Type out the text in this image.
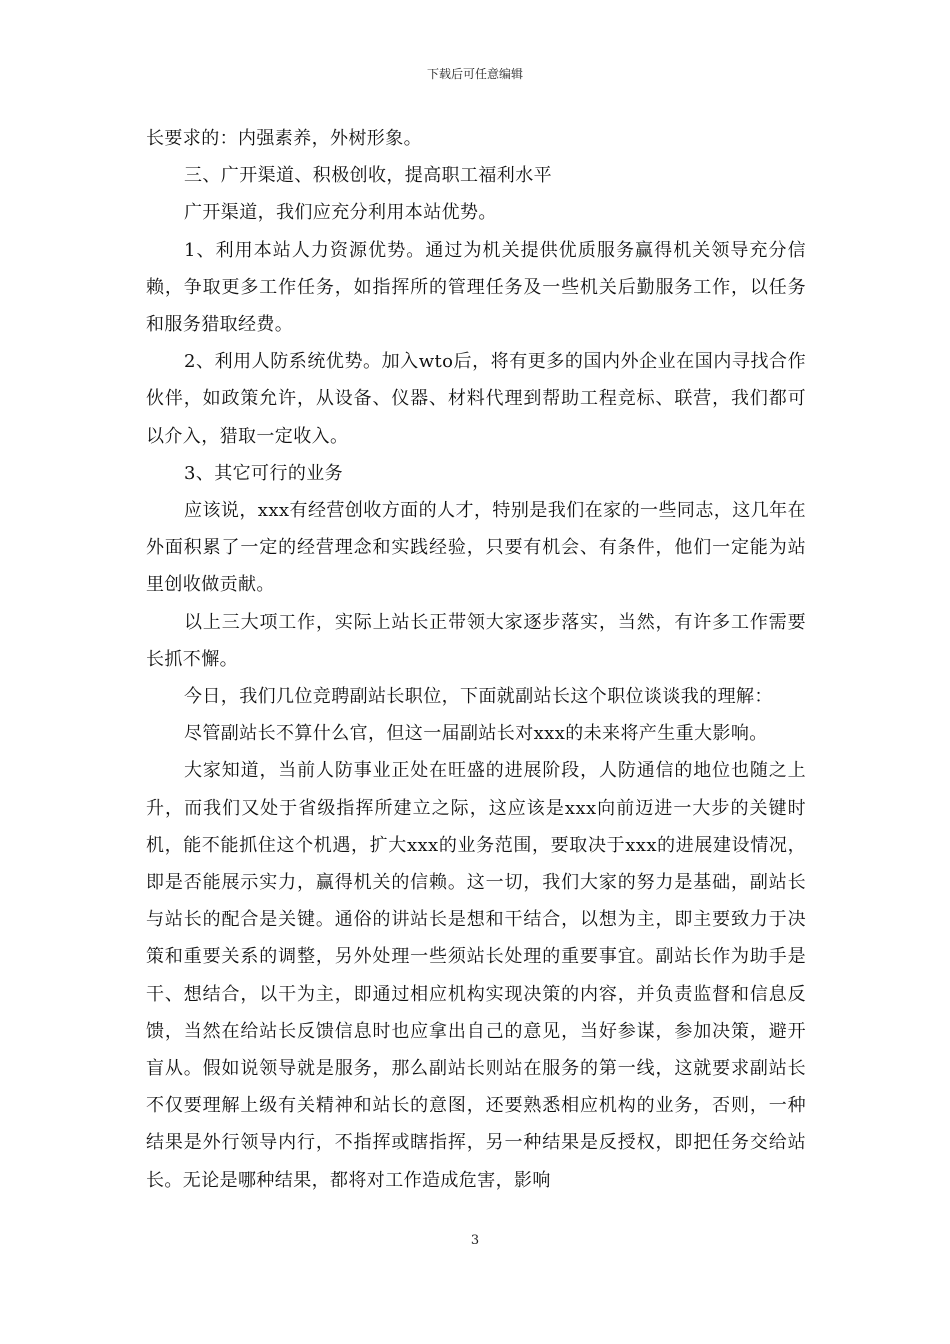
下载后可任意编辑

长要求的：内强素养，外树形象。

三、广开渠道、积极创收，提高职工福利水平

广开渠道，我们应充分利用本站优势。

1、利用本站人力资源优势。通过为机关提供优质服务赢得机关领导充分信赖，争取更多工作任务，如指挥所的管理任务及一些机关后勤服务工作，以任务和服务猎取经费。

2、利用人防系统优势。加入wto后，将有更多的国内外企业在国内寻找合作伙伴，如政策允许，从设备、仪器、材料代理到帮助工程竞标、联营，我们都可以介入，猎取一定收入。

3、其它可行的业务

应该说，xxx有经营创收方面的人才，特别是我们在家的一些同志，这几年在外面积累了一定的经营理念和实践经验，只要有机会、有条件，他们一定能为站里创收做贡献。

以上三大项工作，实际上站长正带领大家逐步落实，当然，有许多工作需要长抓不懈。

今日，我们几位竞聘副站长职位，下面就副站长这个职位谈谈我的理解：

尽管副站长不算什么官，但这一届副站长对xxx的未来将产生重大影响。

大家知道，当前人防事业正处在旺盛的进展阶段，人防通信的地位也随之上升，而我们又处于省级指挥所建立之际，这应该是xxx向前迈进一大步的关键时机，能不能抓住这个机遇，扩大xxx的业务范围，要取决于xxx的进展建设情况，即是否能展示实力，赢得机关的信赖。这一切，我们大家的努力是基础，副站长与站长的配合是关键。通俗的讲站长是想和干结合，以想为主，即主要致力于决策和重要关系的调整，另外处理一些须站长处理的重要事宜。副站长作为助手是干、想结合，以干为主，即通过相应机构实现决策的内容，并负责监督和信息反馈，当然在给站长反馈信息时也应拿出自己的意见，当好参谋，参加决策，避开盲从。假如说领导就是服务，那么副站长则站在服务的第一线，这就要求副站长不仅要理解上级有关精神和站长的意图，还要熟悉相应机构的业务，否则，一种结果是外行领导内行，不指挥或瞎指挥，另一种结果是反授权，即把任务交给站长。无论是哪种结果，都将对工作造成危害，影响

3
